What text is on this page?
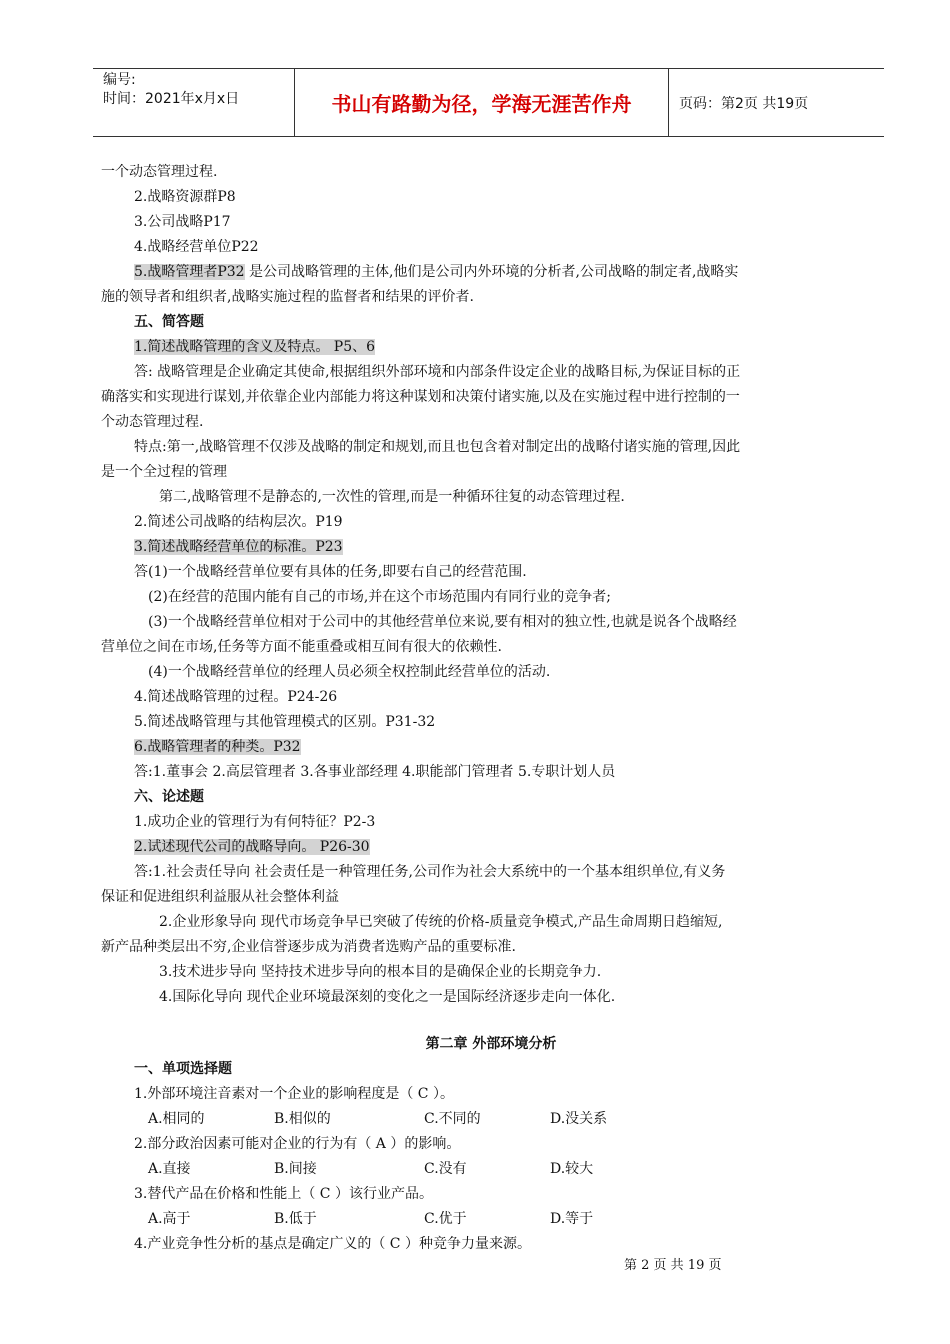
编号:
时间：2021年x月x日	书山有路勤为径，学海无涯苦作舟	页码：第2页 共19页
一个动态管理过程.
2.战略资源群P8
3.公司战略P17
4.战略经营单位P22
5.战略管理者P32 是公司战略管理的主体,他们是公司内外环境的分析者,公司战略的制定者,战略实
施的领导者和组织者,战略实施过程的监督者和结果的评价者.
五、简答题
1.简述战略管理的含义及特点。 P5、6
答: 战略管理是企业确定其使命,根据组织外部环境和内部条件设定企业的战略目标,为保证目标的正
确落实和实现进行谋划,并依靠企业内部能力将这种谋划和决策付诸实施,以及在实施过程中进行控制的一
个动态管理过程.
特点:第一,战略管理不仅涉及战略的制定和规划,而且也包含着对制定出的战略付诸实施的管理,因此
是一个全过程的管理
第二,战略管理不是静态的,一次性的管理,而是一种循环往复的动态管理过程.
2.简述公司战略的结构层次。P19
3.简述战略经营单位的标准。P23
答(1)一个战略经营单位要有具体的任务,即要右自己的经营范围.
(2)在经营的范围内能有自己的市场,并在这个市场范围内有同行业的竞争者;
(3)一个战略经营单位相对于公司中的其他经营单位来说,要有相对的独立性,也就是说各个战略经
营单位之间在市场,任务等方面不能重叠或相互间有很大的依赖性.
(4)一个战略经营单位的经理人员必须全权控制此经营单位的活动.
4.简述战略管理的过程。P24-26
5.简述战略管理与其他管理模式的区别。P31-32
6.战略管理者的种类。P32
答:1.董事会 2.高层管理者 3.各事业部经理 4.职能部门管理者 5.专职计划人员
六、论述题
1.成功企业的管理行为有何特征？P2-3
2.试述现代公司的战略导向。 P26-30
答:1.社会责任导向 社会责任是一种管理任务,公司作为社会大系统中的一个基本组织单位,有义务
保证和促进组织利益服从社会整体利益
2.企业形象导向 现代市场竞争早已突破了传统的价格-质量竞争模式,产品生命周期日趋缩短,
新产品种类层出不穷,企业信誉逐步成为消费者选购产品的重要标准.
3.技术进步导向 坚持技术进步导向的根本目的是确保企业的长期竞争力.
4.国际化导向 现代企业环境最深刻的变化之一是国际经济逐步走向一体化.
第二章 外部环境分析
一、单项选择题
1.外部环境注音素对一个企业的影响程度是（ C ）。
A.相同的	B.相似的	C.不同的	D.没关系
2.部分政治因素可能对企业的行为有（ A ）的影响。
A.直接	B.间接	C.没有	D.较大
3.替代产品在价格和性能上（ C ）该行业产品。
A.高于	B.低于	C.优于	D.等于
4.产业竞争性分析的基点是确定广义的（ C ）种竞争力量来源。
第 2 页 共 19 页
